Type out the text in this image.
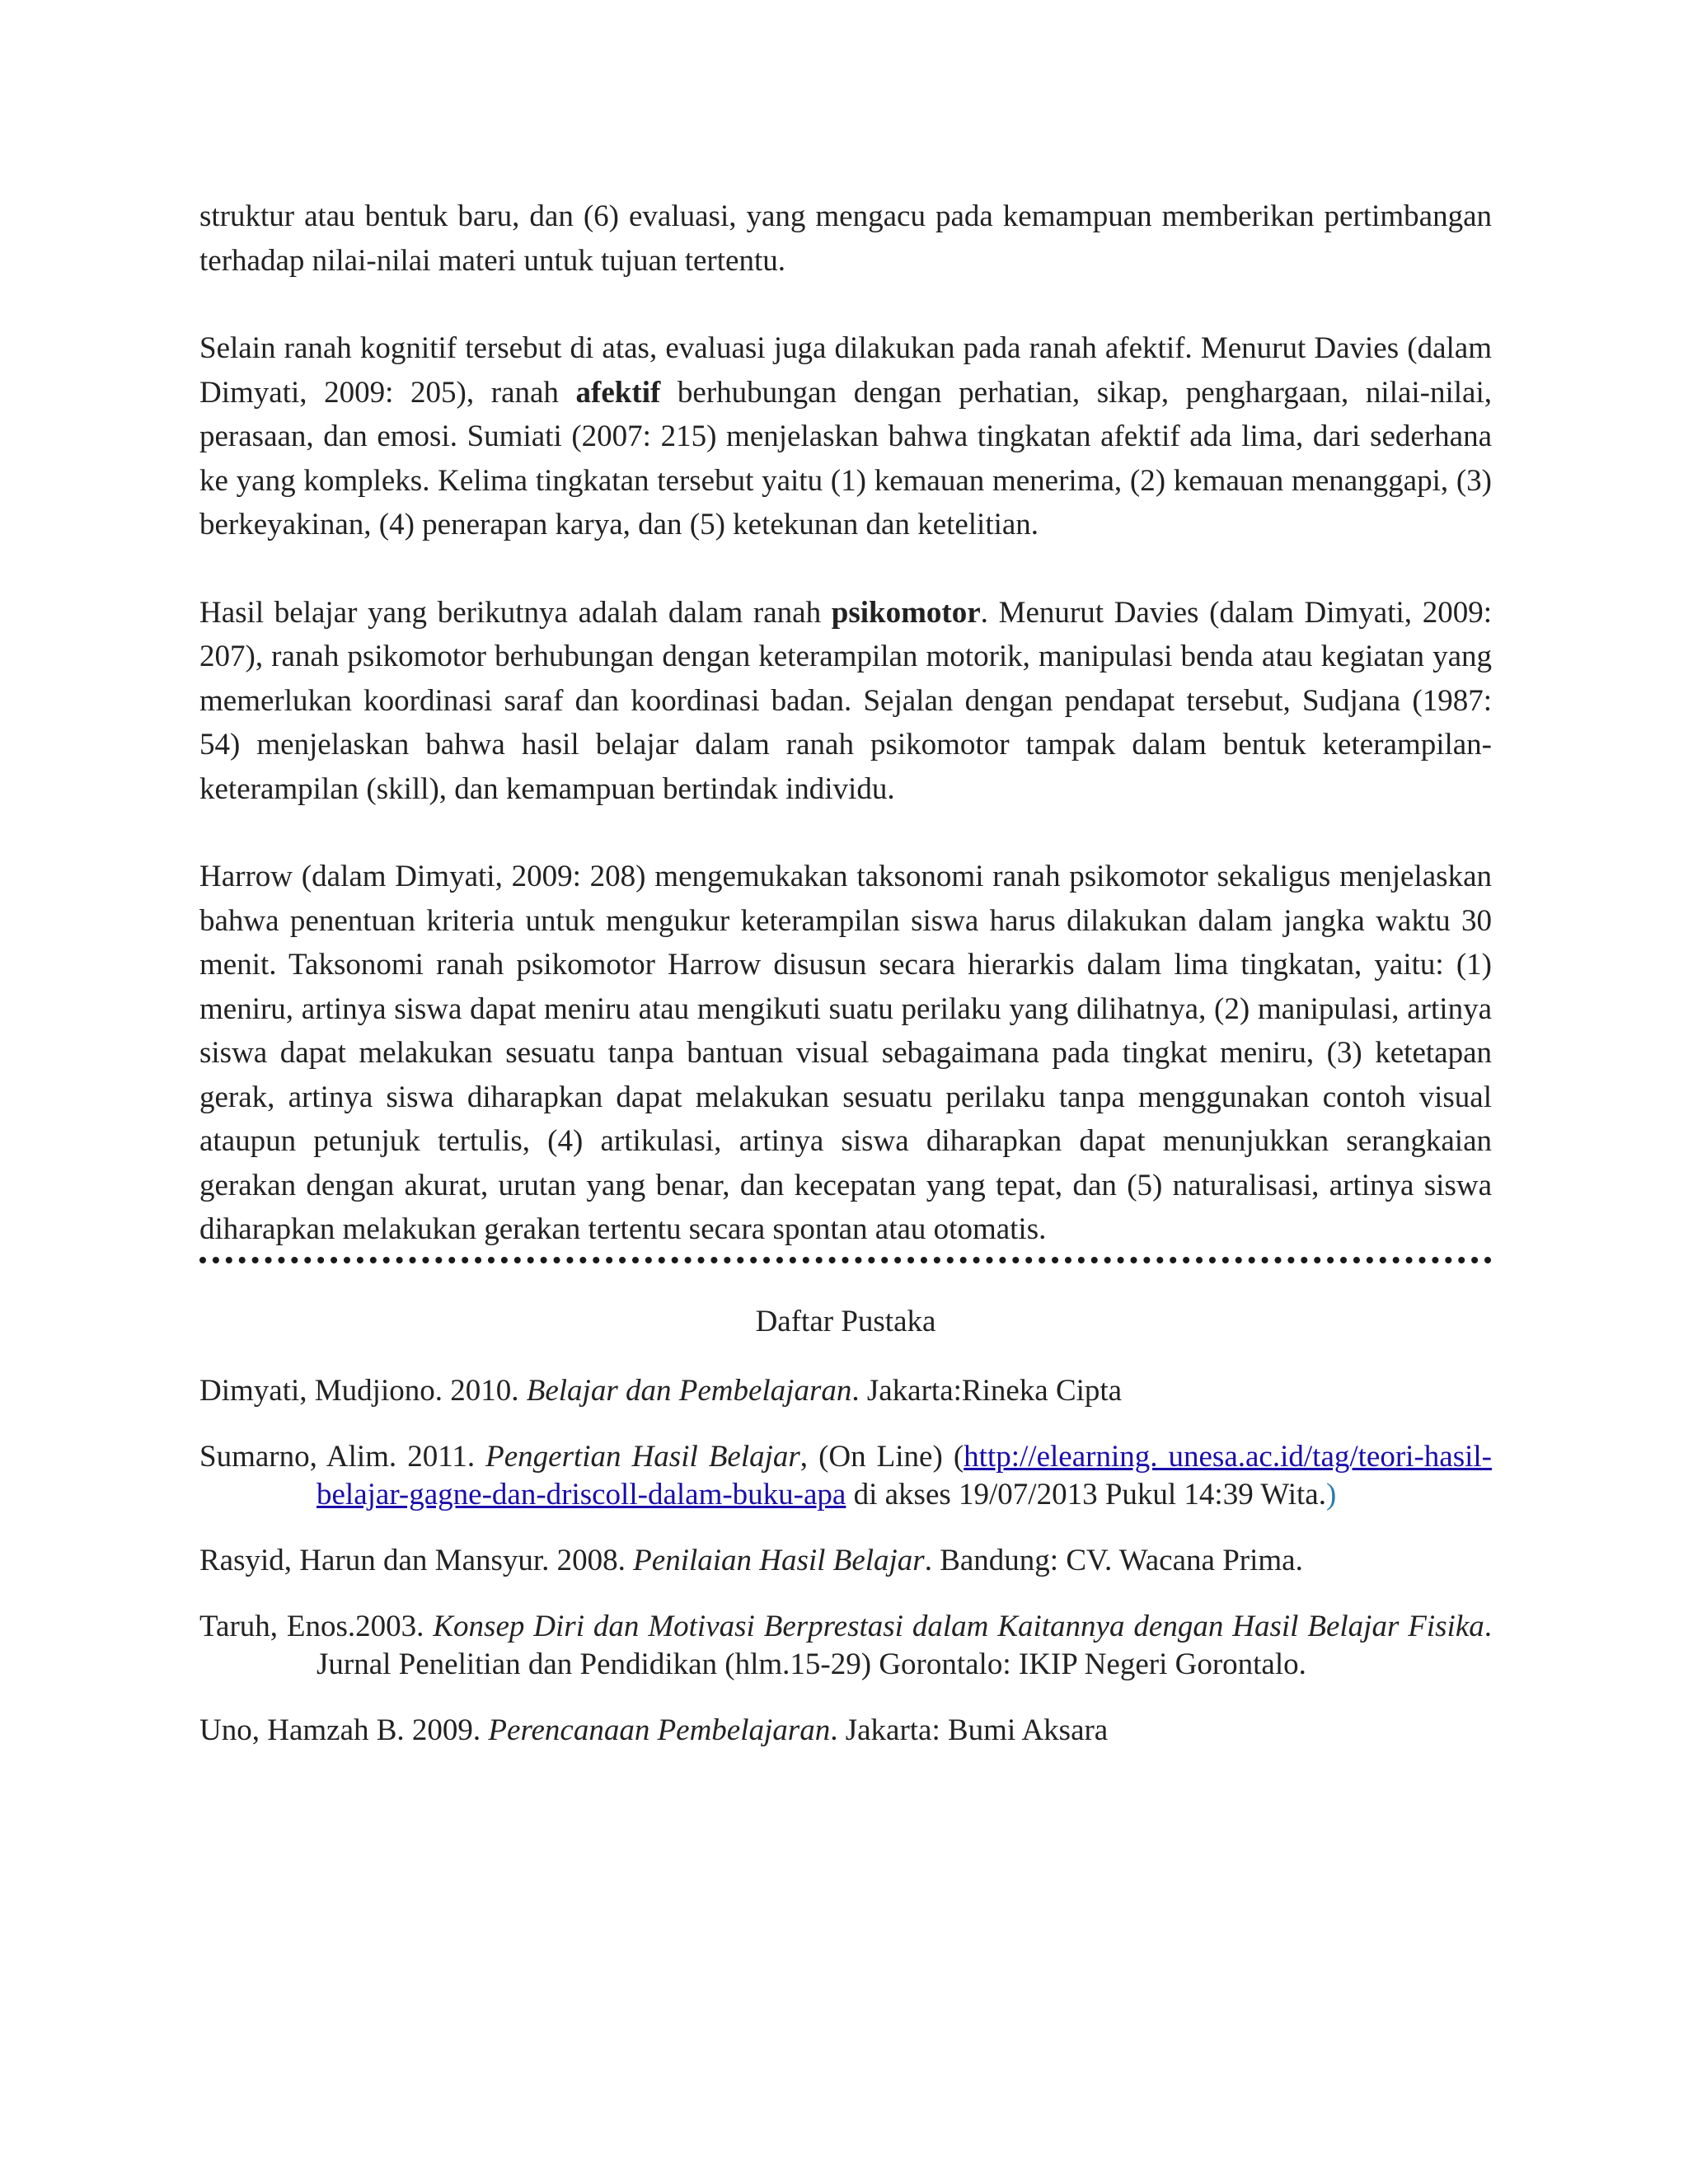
struktur atau bentuk baru, dan (6) evaluasi, yang mengacu pada kemampuan memberikan pertimbangan terhadap nilai-nilai materi untuk tujuan tertentu.

Selain ranah kognitif tersebut di atas, evaluasi juga dilakukan pada ranah afektif. Menurut Davies (dalam Dimyati, 2009: 205), ranah afektif berhubungan dengan perhatian, sikap, penghargaan, nilai-nilai, perasaan, dan emosi. Sumiati (2007: 215) menjelaskan bahwa tingkatan afektif ada lima, dari sederhana ke yang kompleks. Kelima tingkatan tersebut yaitu (1) kemauan menerima, (2) kemauan menanggapi, (3) berkeyakinan, (4) penerapan karya, dan (5) ketekunan dan ketelitian.

Hasil belajar yang berikutnya adalah dalam ranah psikomotor. Menurut Davies (dalam Dimyati, 2009: 207), ranah psikomotor berhubungan dengan keterampilan motorik, manipulasi benda atau kegiatan yang memerlukan koordinasi saraf dan koordinasi badan. Sejalan dengan pendapat tersebut, Sudjana (1987: 54) menjelaskan bahwa hasil belajar dalam ranah psikomotor tampak dalam bentuk keterampilan-keterampilan (skill), dan kemampuan bertindak individu.

Harrow (dalam Dimyati, 2009: 208) mengemukakan taksonomi ranah psikomotor sekaligus menjelaskan bahwa penentuan kriteria untuk mengukur keterampilan siswa harus dilakukan dalam jangka waktu 30 menit. Taksonomi ranah psikomotor Harrow disusun secara hierarkis dalam lima tingkatan, yaitu: (1) meniru, artinya siswa dapat meniru atau mengikuti suatu perilaku yang dilihatnya, (2) manipulasi, artinya siswa dapat melakukan sesuatu tanpa bantuan visual sebagaimana pada tingkat meniru, (3) ketetapan gerak, artinya siswa diharapkan dapat melakukan sesuatu perilaku tanpa menggunakan contoh visual ataupun petunjuk tertulis, (4) artikulasi, artinya siswa diharapkan dapat menunjukkan serangkaian gerakan dengan akurat, urutan yang benar, dan kecepatan yang tepat, dan (5) naturalisasi, artinya siswa diharapkan melakukan gerakan tertentu secara spontan atau otomatis.

Daftar Pustaka

Dimyati, Mudjiono. 2010. Belajar dan Pembelajaran. Jakarta:Rineka Cipta

Sumarno, Alim. 2011. Pengertian Hasil Belajar, (On Line) (http://elearning. unesa.ac.id/tag/teori-hasil-belajar-gagne-dan-driscoll-dalam-buku-apa di akses 19/07/2013 Pukul 14:39 Wita.)

Rasyid, Harun dan Mansyur. 2008. Penilaian Hasil Belajar. Bandung: CV. Wacana Prima.

Taruh, Enos.2003. Konsep Diri dan Motivasi Berprestasi dalam Kaitannya dengan Hasil Belajar Fisika. Jurnal Penelitian dan Pendidikan (hlm.15-29) Gorontalo: IKIP Negeri Gorontalo.

Uno, Hamzah B. 2009. Perencanaan Pembelajaran. Jakarta: Bumi Aksara
